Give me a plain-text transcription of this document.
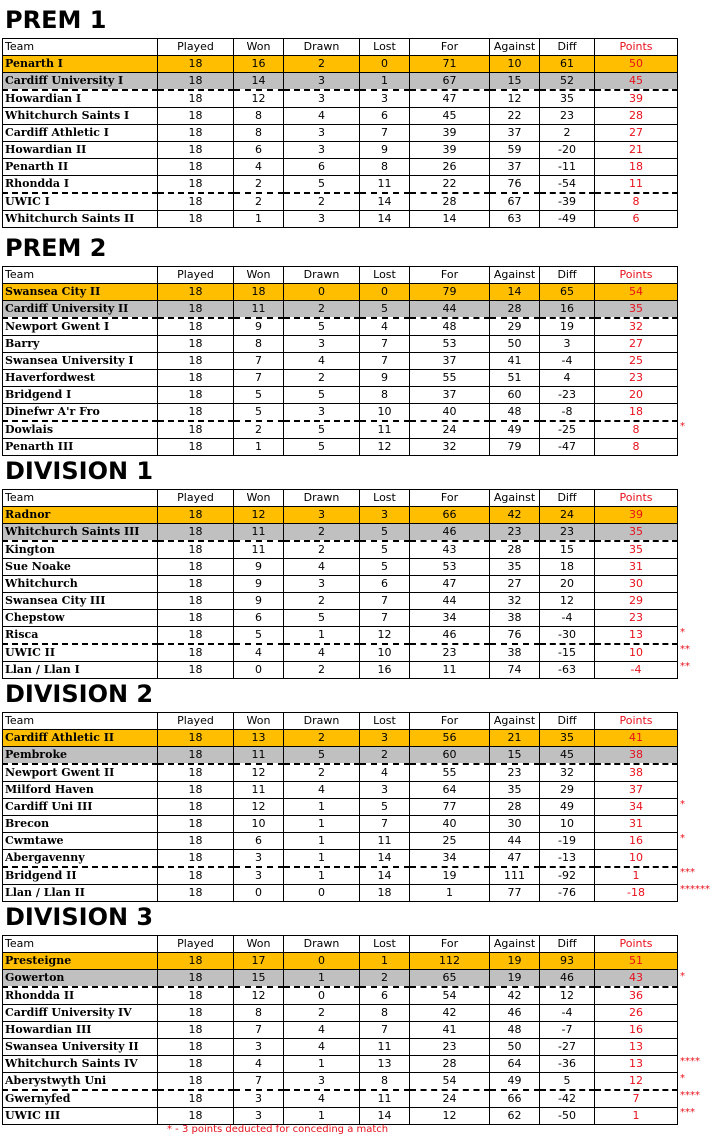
PREM 1
Team	Played	Won	Drawn	Lost	For	Against	Diff	Points
Penarth I	18	16	2	0	71	10	61	50
Cardiff University I	18	14	3	1	67	15	52	45
Howardian I	18	12	3	3	47	12	35	39
Whitchurch Saints I	18	8	4	6	45	22	23	28
Cardiff Athletic I	18	8	3	7	39	37	2	27
Howardian II	18	6	3	9	39	59	-20	21
Penarth II	18	4	6	8	26	37	-11	18
Rhondda I	18	2	5	11	22	76	-54	11
UWIC I	18	2	2	14	28	67	-39	8
Whitchurch Saints II	18	1	3	14	14	63	-49	6
PREM 2
*
Team	Played	Won	Drawn	Lost	For	Against	Diff	Points
Swansea City II	18	18	0	0	79	14	65	54
Cardiff University II	18	11	2	5	44	28	16	35
Newport Gwent I	18	9	5	4	48	29	19	32
Barry	18	8	3	7	53	50	3	27
Swansea University I	18	7	4	7	37	41	-4	25
Haverfordwest	18	7	2	9	55	51	4	23
Bridgend I	18	5	5	8	37	60	-23	20
Dinefwr A'r Fro	18	5	3	10	40	48	-8	18
Dowlais	18	2	5	11	24	49	-25	8
Penarth III	18	1	5	12	32	79	-47	8
DIVISION 1
*
**
**
Team	Played	Won	Drawn	Lost	For	Against	Diff	Points
Radnor	18	12	3	3	66	42	24	39
Whitchurch Saints III	18	11	2	5	46	23	23	35
Kington	18	11	2	5	43	28	15	35
Sue Noake	18	9	4	5	53	35	18	31
Whitchurch	18	9	3	6	47	27	20	30
Swansea City III	18	9	2	7	44	32	12	29
Chepstow	18	6	5	7	34	38	-4	23
Risca	18	5	1	12	46	76	-30	13
UWIC II	18	4	4	10	23	38	-15	10
Llan / Llan I	18	0	2	16	11	74	-63	-4
DIVISION 2
*
*
***
******
Team	Played	Won	Drawn	Lost	For	Against	Diff	Points
Cardiff Athletic II	18	13	2	3	56	21	35	41
Pembroke	18	11	5	2	60	15	45	38
Newport Gwent II	18	12	2	4	55	23	32	38
Milford Haven	18	11	4	3	64	35	29	37
Cardiff Uni III	18	12	1	5	77	28	49	34
Brecon	18	10	1	7	40	30	10	31
Cwmtawe	18	6	1	11	25	44	-19	16
Abergavenny	18	3	1	14	34	47	-13	10
Bridgend II	18	3	1	14	19	111	-92	1
Llan / Llan II	18	0	0	18	1	77	-76	-18
DIVISION 3
*
****
*
****
***
Team	Played	Won	Drawn	Lost	For	Against	Diff	Points
Presteigne	18	17	0	1	112	19	93	51
Gowerton	18	15	1	2	65	19	46	43
Rhondda II	18	12	0	6	54	42	12	36
Cardiff University IV	18	8	2	8	42	46	-4	26
Howardian III	18	7	4	7	41	48	-7	16
Swansea University II	18	3	4	11	23	50	-27	13
Whitchurch Saints IV	18	4	1	13	28	64	-36	13
Aberystwyth Uni	18	7	3	8	54	49	5	12
Gwernyfed	18	3	4	11	24	66	-42	7
UWIC III	18	3	1	14	12	62	-50	1
* - 3 points deducted for conceding a match
